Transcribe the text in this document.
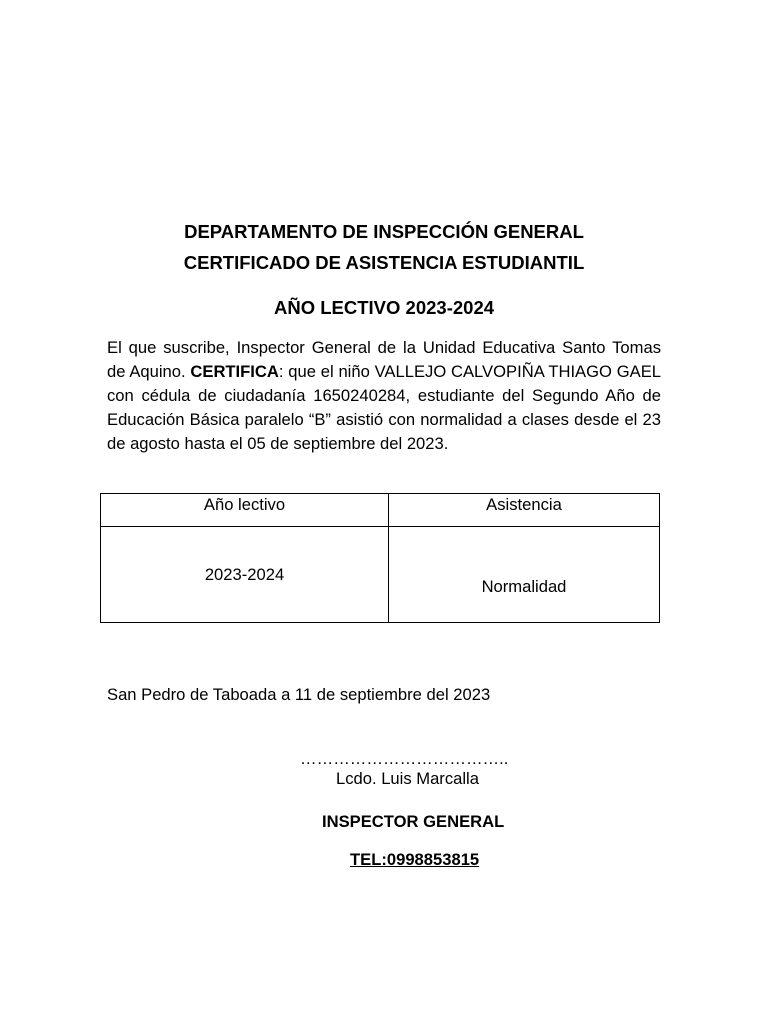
DEPARTAMENTO DE INSPECCIÓN GENERAL
CERTIFICADO DE ASISTENCIA ESTUDIANTIL
AÑO LECTIVO 2023-2024
El que suscribe, Inspector General de la Unidad Educativa Santo Tomas de Aquino. CERTIFICA: que el niño VALLEJO CALVOPIÑA THIAGO GAEL con cédula de ciudadanía 1650240284, estudiante del Segundo Año de Educación Básica paralelo “B” asistió con normalidad a clases desde el 23 de agosto hasta el 05 de septiembre del 2023.
Año lectivo	Asistencia

2023-2024	Normalidad
San Pedro de Taboada a 11 de septiembre del 2023
………………………………..
Lcdo. Luis Marcalla
INSPECTOR GENERAL
TEL:0998853815
